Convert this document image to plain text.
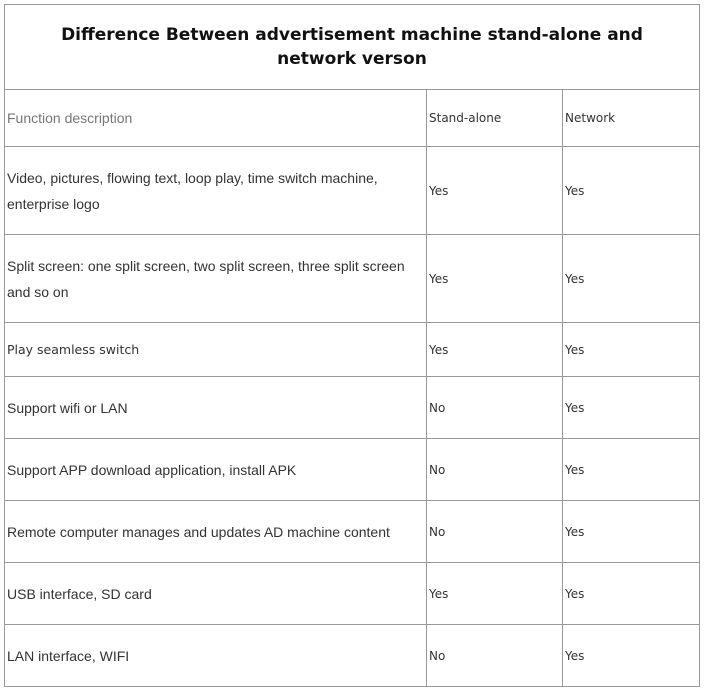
Difference Between advertisement machine stand-alone and network verson		
Function description	Stand-alone	Network
Video, pictures, flowing text, loop play, time switch machine, enterprise logo	Yes	Yes
Split screen: one split screen, two split screen, three split screen and so on	Yes	Yes
Play seamless switch	Yes	Yes
Support wifi or LAN	No	Yes
Support APP download application, install APK	No	Yes
Remote computer manages and updates AD machine content	No	Yes
USB interface, SD card	Yes	Yes
LAN interface, WIFI	No	Yes
